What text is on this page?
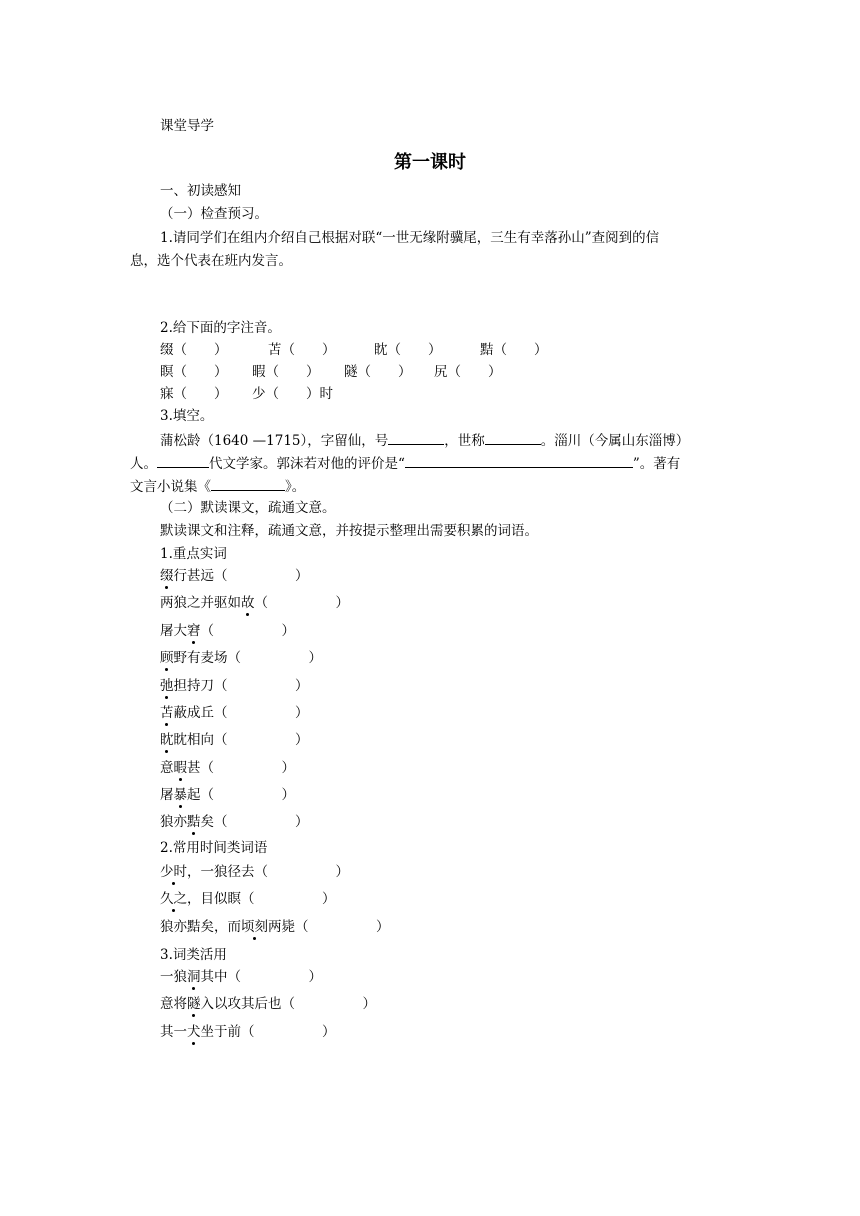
课堂导学
第一课时
一、初读感知
（一）检查预习。
1.请同学们在组内介绍自己根据对联“一世无缘附骥尾，三生有幸落孙山”查阅到的信
息，选个代表在班内发言。
2.给下面的字注音。
缀（　　）	苫（　　）	眈（　　）	黠（　　）
瞑（　　） 暇（　　） 隧（　　） 尻（　　）
寐（　　） 少（　　）时
3.填空。
蒲松龄（1640 —1715），字留仙，号	，世称	。淄川（今属山东淄博）
人。	代文学家。郭沫若对他的评价是“	”。著有
文言小说集《	》。
（二）默读课文，疏通文意。
默读课文和注释，疏通文意，并按提示整理出需要积累的词语。
1.重点实词
缀行甚远（　　　　　）
两狼之并驱如故（　　　　　）
屠大窘（　　　　　）
顾野有麦场（　　　　　）
弛担持刀（　　　　　）
苫蔽成丘（　　　　　）
眈眈相向（　　　　　）
意暇甚（　　　　　）
屠暴起（　　　　　）
狼亦黠矣（　　　　　）
2.常用时间类词语
少时，一狼径去（　　　　　）
久之，目似瞑（　　　　　）
狼亦黠矣，而顷刻两毙（　　　　　）
3.词类活用
一狼洞其中（　　　　　）
意将隧入以攻其后也（　　　　　）
其一犬坐于前（　　　　　）
